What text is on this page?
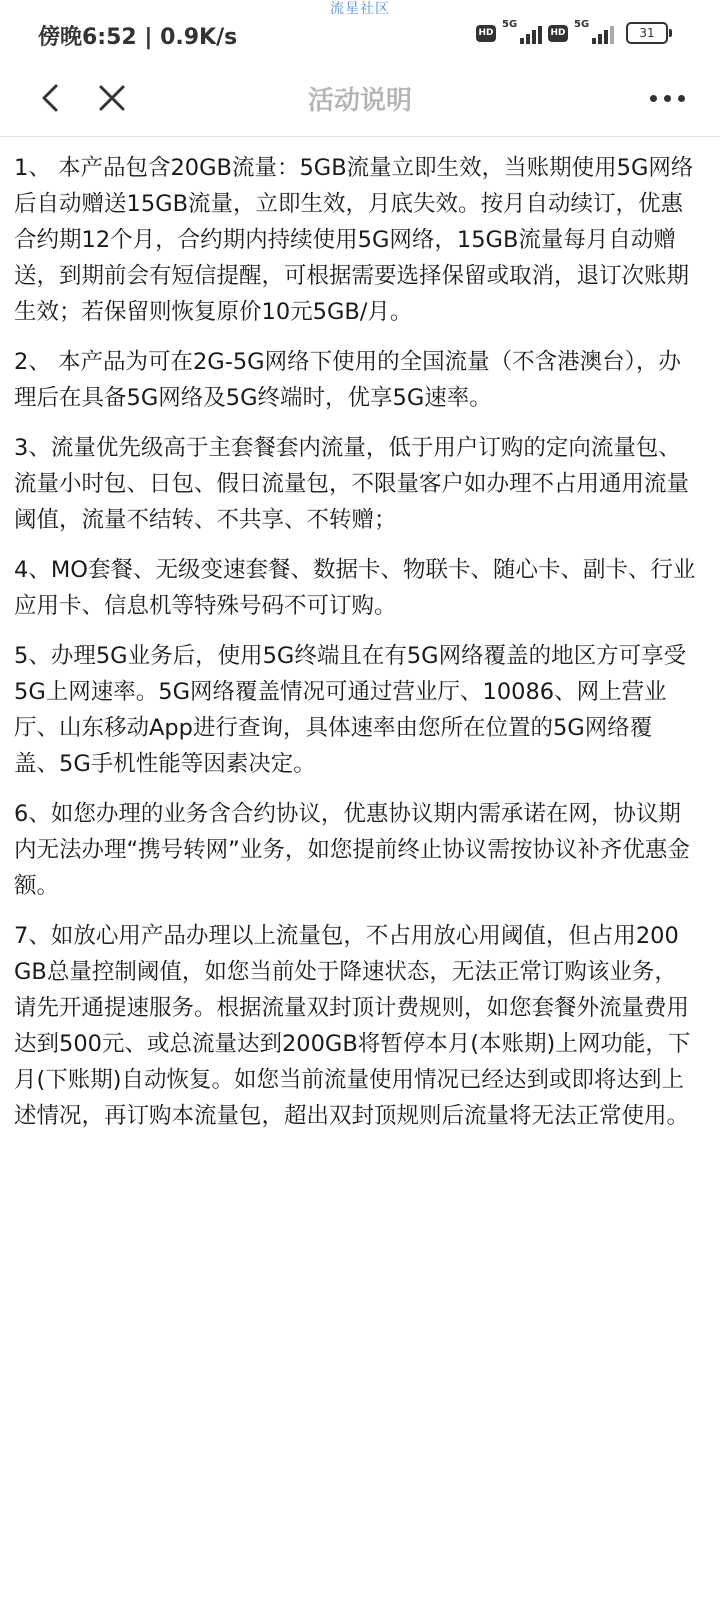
流星社区
傍晚6:52 | 0.9K/s	HD
5G
HD
5G
31
活动说明

1、 本产品包含20GB流量：5GB流量立即生效，当账期使用5G网络后自动赠送15GB流量，立即生效，月底失效。按月自动续订，优惠合约期12个月，合约期内持续使用5G网络，15GB流量每月自动赠送，到期前会有短信提醒，可根据需要选择保留或取消，退订次账期生效；若保留则恢复原价10元5GB/月。

2、 本产品为可在2G-5G网络下使用的全国流量（不含港澳台），办理后在具备5G网络及5G终端时，优享5G速率。

3、流量优先级高于主套餐套内流量，低于用户订购的定向流量包、流量小时包、日包、假日流量包，不限量客户如办理不占用通用流量阈值，流量不结转、不共享、不转赠；

4、MO套餐、无级变速套餐、数据卡、物联卡、随心卡、副卡、行业应用卡、信息机等特殊号码不可订购。

5、办理5G业务后，使用5G终端且在有5G网络覆盖的地区方可享受5G上网速率。5G网络覆盖情况可通过营业厅、10086、网上营业厅、山东移动App进行查询，具体速率由您所在位置的5G网络覆盖、5G手机性能等因素决定。

6、如您办理的业务含合约协议，优惠协议期内需承诺在网，协议期内无法办理“携号转网”业务，如您提前终止协议需按协议补齐优惠金额。

7、如放心用产品办理以上流量包，不占用放心用阈值，但占用200GB总量控制阈值，如您当前处于降速状态，无法正常订购该业务，请先开通提速服务。根据流量双封顶计费规则，如您套餐外流量费用达到500元、或总流量达到200GB将暂停本月(本账期)上网功能，下月(下账期)自动恢复。如您当前流量使用情况已经达到或即将达到上述情况，再订购本流量包，超出双封顶规则后流量将无法正常使用。
